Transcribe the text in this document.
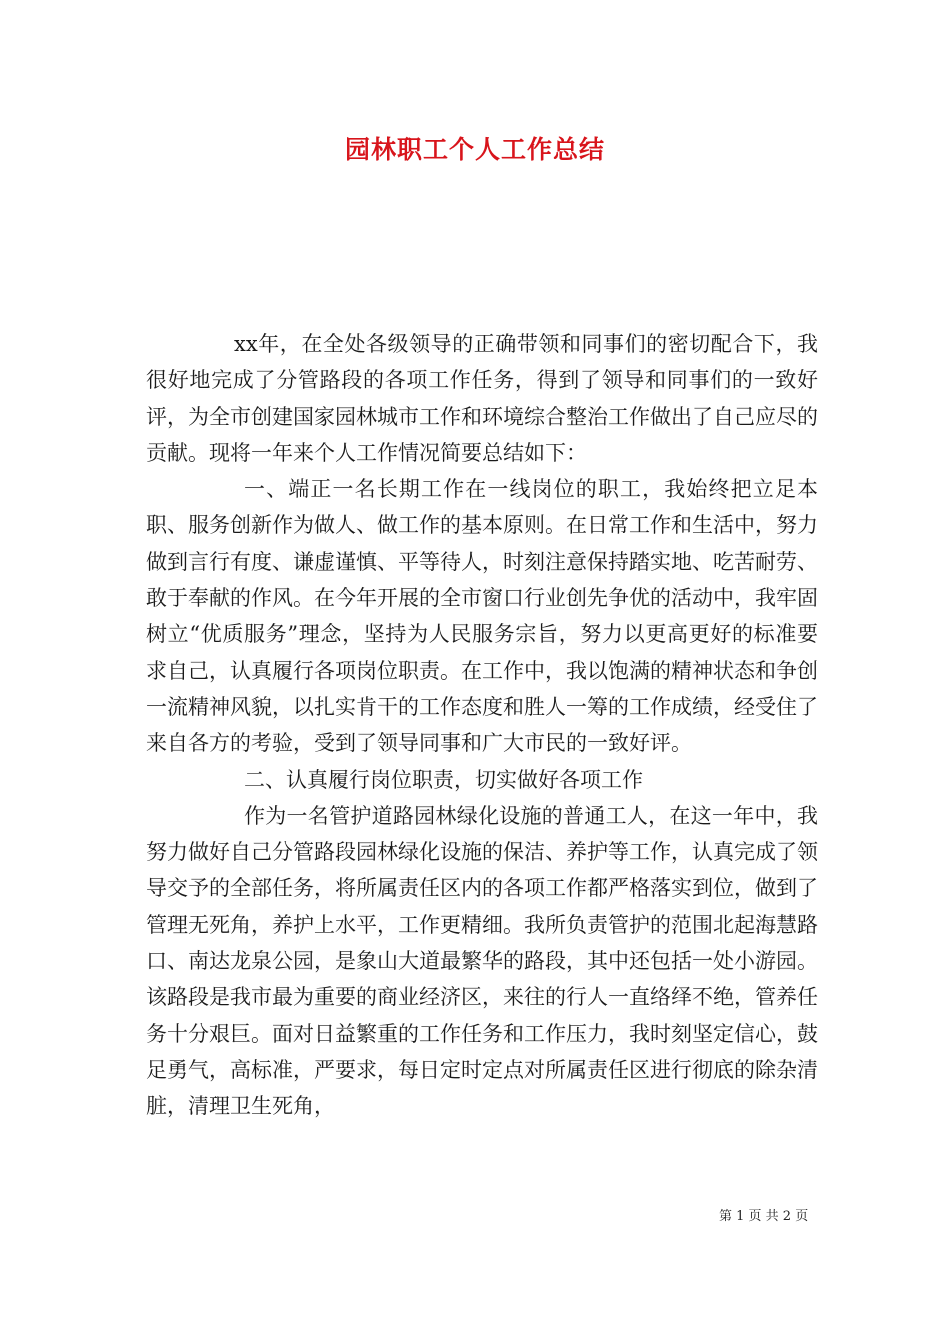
园林职工个人工作总结

xx年，在全处各级领导的正确带领和同事们的密切配合下，我很好地完成了分管路段的各项工作任务，得到了领导和同事们的一致好评，为全市创建国家园林城市工作和环境综合整治工作做出了自己应尽的贡献。现将一年来个人工作情况简要总结如下：

一、端正一名长期工作在一线岗位的职工，我始终把立足本职、服务创新作为做人、做工作的基本原则。在日常工作和生活中，努力做到言行有度、谦虚谨慎、平等待人，时刻注意保持踏实地、吃苦耐劳、敢于奉献的作风。在今年开展的全市窗口行业创先争优的活动中，我牢固树立“优质服务”理念，坚持为人民服务宗旨，努力以更高更好的标准要求自己，认真履行各项岗位职责。在工作中，我以饱满的精神状态和争创一流精神风貌，以扎实肯干的工作态度和胜人一筹的工作成绩，经受住了来自各方的考验，受到了领导同事和广大市民的一致好评。

二、认真履行岗位职责，切实做好各项工作

作为一名管护道路园林绿化设施的普通工人，在这一年中，我努力做好自己分管路段园林绿化设施的保洁、养护等工作，认真完成了领导交予的全部任务，将所属责任区内的各项工作都严格落实到位，做到了管理无死角，养护上水平，工作更精细。我所负责管护的范围北起海慧路口、南达龙泉公园，是象山大道最繁华的路段，其中还包括一处小游园。该路段是我市最为重要的商业经济区，来往的行人一直络绎不绝，管养任务十分艰巨。面对日益繁重的工作任务和工作压力，我时刻坚定信心，鼓足勇气，高标准，严要求，每日定时定点对所属责任区进行彻底的除杂清脏，清理卫生死角，

第 1 页 共 2 页
